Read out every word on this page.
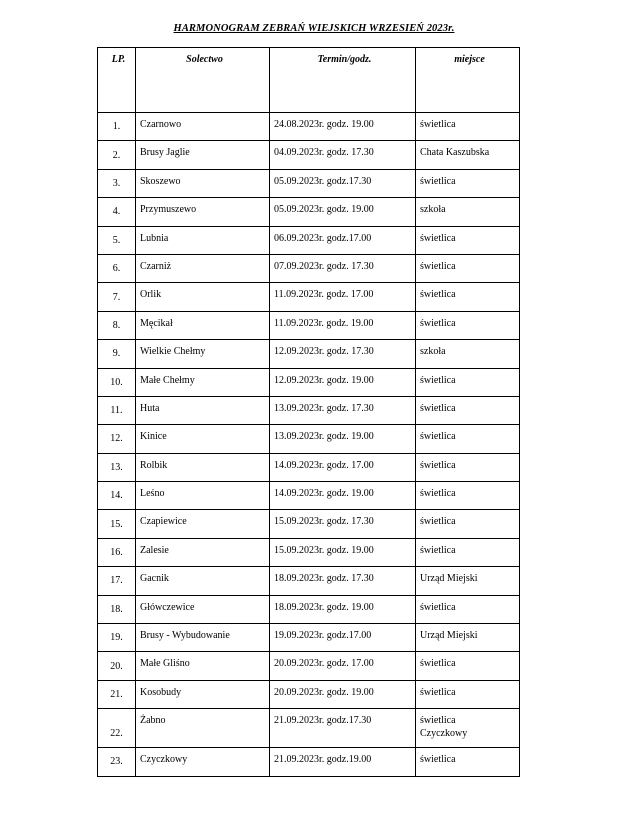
HARMONOGRAM ZEBRAŃ WIEJSKICH WRZESIEŃ 2023r.
LP.	Solectwo	Termin/godz.	miejsce
1.	Czarnowo	24.08.2023r. godz. 19.00	świetlica
2.	Brusy Jaglie	04.09.2023r. godz. 17.30	Chata Kaszubska
3.	Skoszewo	05.09.2023r. godz.17.30	świetlica
4.	Przymuszewo	05.09.2023r. godz. 19.00	szkoła
5.	Lubnia	06.09.2023r. godz.17.00	świetlica
6.	Czarniż	07.09.2023r. godz. 17.30	świetlica
7.	Orlik	11.09.2023r. godz. 17.00	świetlica
8.	Męcikał	11.09.2023r. godz. 19.00	świetlica
9.	Wielkie Chełmy	12.09.2023r. godz. 17.30	szkoła
10.	Małe Chełmy	12.09.2023r. godz. 19.00	świetlica
11.	Huta	13.09.2023r. godz. 17.30	świetlica
12.	Kinice	13.09.2023r. godz. 19.00	świetlica
13.	Rolbik	14.09.2023r. godz. 17.00	świetlica
14.	Leśno	14.09.2023r. godz. 19.00	świetlica
15.	Czapiewice	15.09.2023r. godz. 17.30	świetlica
16.	Zalesie	15.09.2023r. godz. 19.00	świetlica
17.	Gacnik	18.09.2023r. godz. 17.30	Urząd Miejski
18.	Główczewice	18.09.2023r. godz. 19.00	świetlica
19.	Brusy - Wybudowanie	19.09.2023r. godz.17.00	Urząd Miejski
20.	Małe Gliśno	20.09.2023r. godz. 17.00	świetlica
21.	Kosobudy	20.09.2023r. godz. 19.00	świetlica
22.	Żabno	21.09.2023r. godz.17.30	świetlica
Czyczkowy
23.	Czyczkowy	21.09.2023r. godz.19.00	świetlica
